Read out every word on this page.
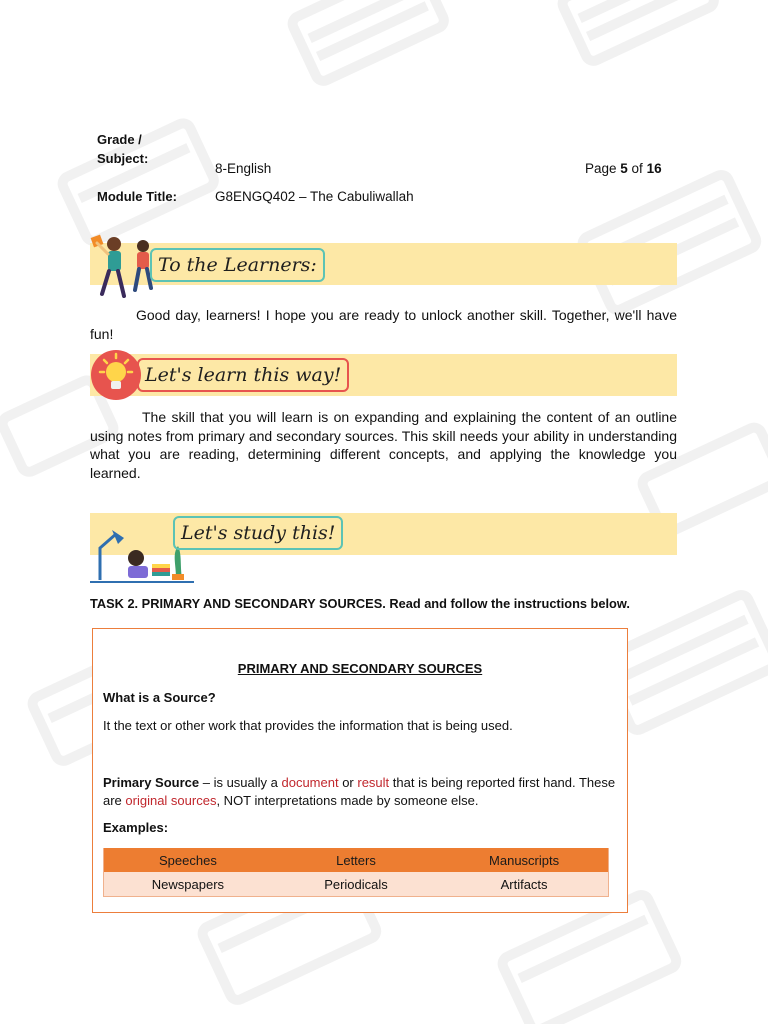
Grade /
Subject:
8-English	Page 5 of 16
Module Title:	G8ENGQ402 – The Cabuliwallah
To the Learners:
Good day, learners! I hope you are ready to unlock another skill. Together, we'll have fun!
Let's learn this way!
The skill that you will learn is on expanding and explaining the content of an outline using notes from primary and secondary sources. This skill needs your ability in understanding what you are reading, determining different concepts, and applying the knowledge you learned.
Let's study this!
TASK 2. PRIMARY AND SECONDARY SOURCES. Read and follow the instructions below.
PRIMARY AND SECONDARY SOURCES
What is a Source?
It the text or other work that provides the information that is being used.
Primary Source – is usually a document or result that is being reported first hand. These are original sources, NOT interpretations made by someone else.
Examples:
Speeches	Letters	Manuscripts
Newspapers	Periodicals	Artifacts
